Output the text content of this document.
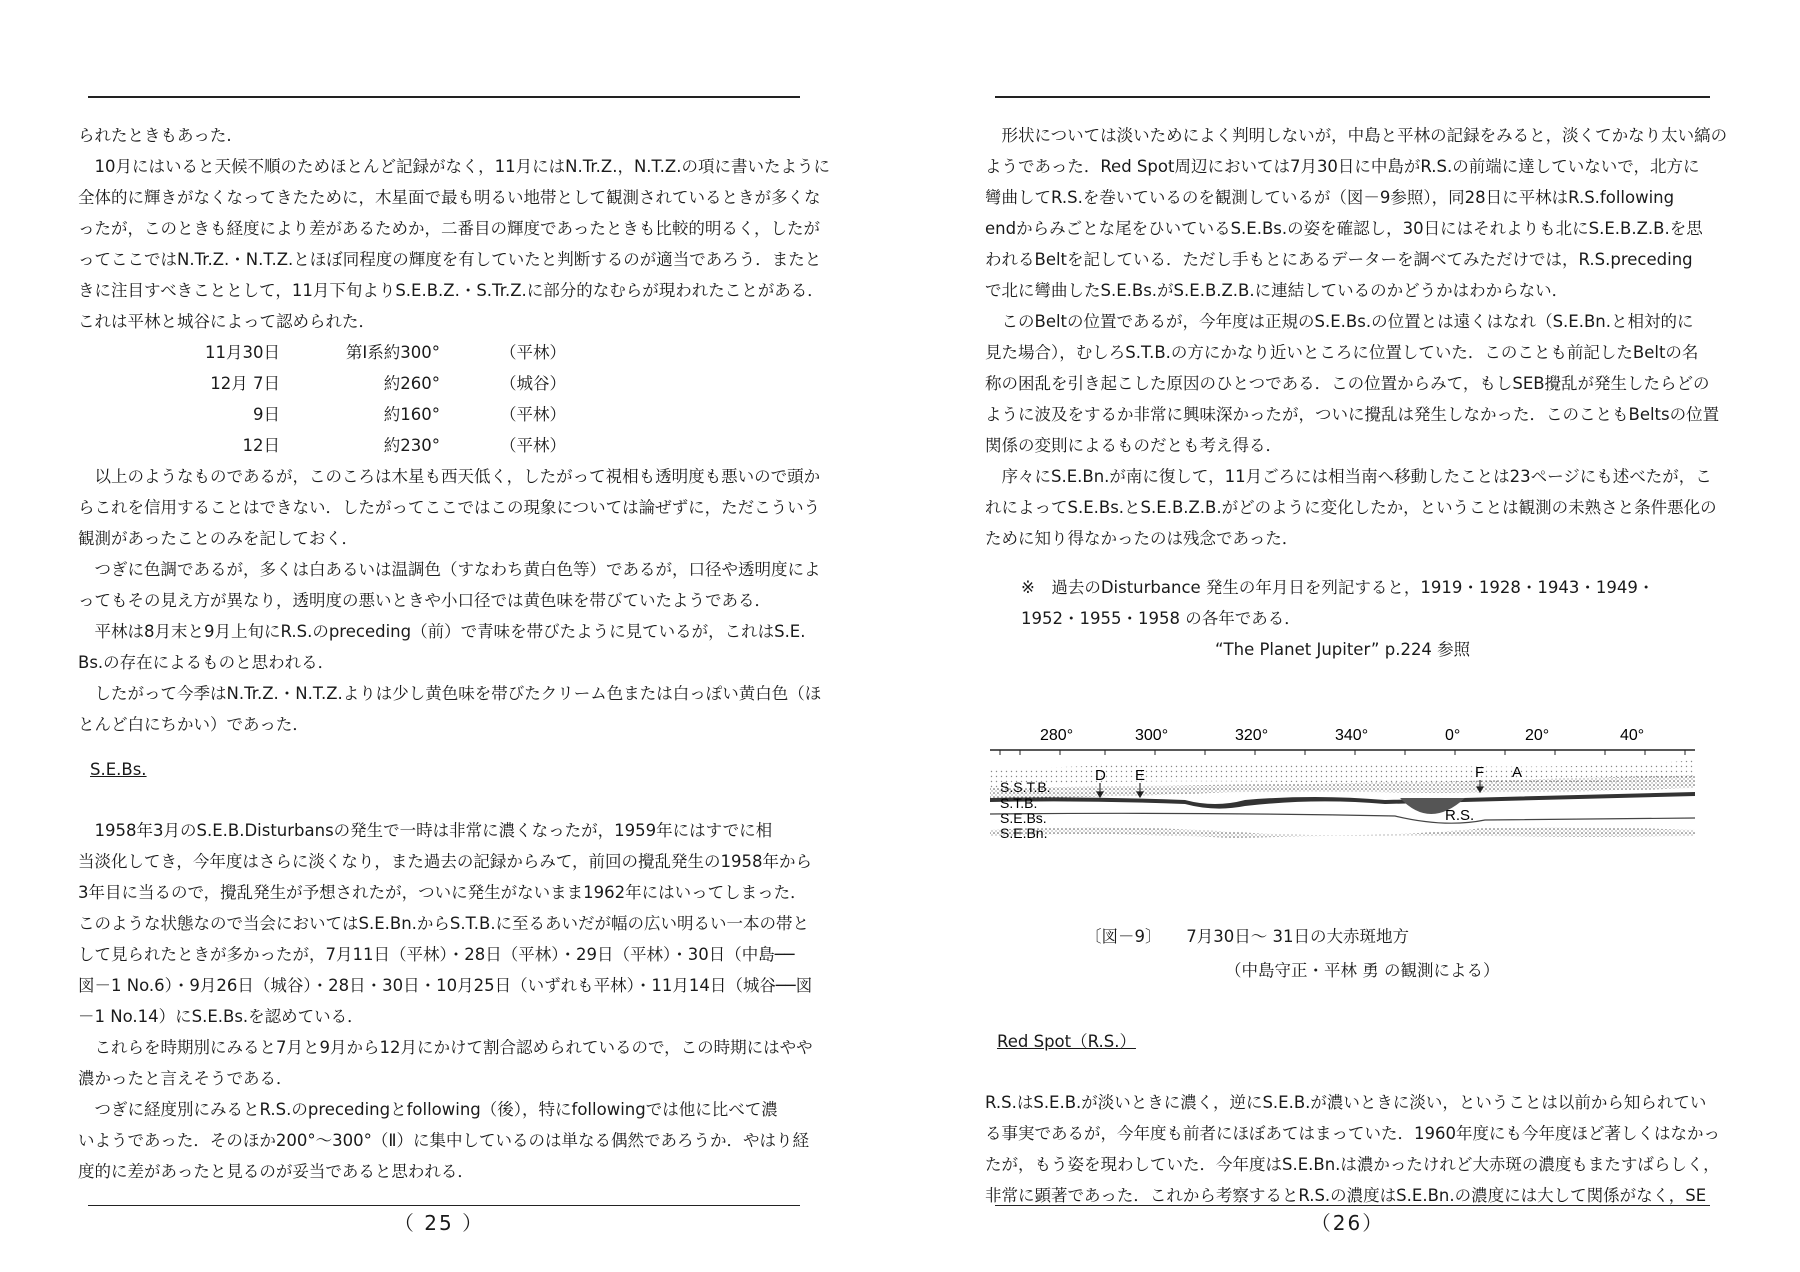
られたときもあった.

　10月にはいると天候不順のためほとんど記録がなく，11月にはN.Tr.Z.，N.T.Z.の項に書いたように

全体的に輝きがなくなってきたために，木星面で最も明るい地帯として観測されているときが多くな

ったが，このときも経度により差があるためか，二番目の輝度であったときも比較的明るく，したが

ってここではN.Tr.Z.・N.T.Z.とほぼ同程度の輝度を有していたと判断するのが適当であろう．またと

きに注目すべきこととして，11月下旬よりS.E.B.Z.・S.Tr.Z.に部分的なむらが現われたことがある．

これは平林と城谷によって認められた．

11月30日	第Ⅰ系約300°	（平林）
12月 7日	約260°	（城谷）
9日	約160°	（平林）
12日	約230°	（平林）

　以上のようなものであるが，このころは木星も西天低く，したがって視相も透明度も悪いので頭か

らこれを信用することはできない．したがってここではこの現象については論ぜずに，ただこういう

観測があったことのみを記しておく．

　つぎに色調であるが，多くは白あるいは温調色（すなわち黄白色等）であるが，口径や透明度によ

ってもその見え方が異なり，透明度の悪いときや小口径では黄色味を帯びていたようである．

　平林は8月末と9月上旬にR.S.のpreceding（前）で青味を帯びたように見ているが，これはS.E.

Bs.の存在によるものと思われる．

　したがって今季はN.Tr.Z.・N.T.Z.よりは少し黄色味を帯びたクリーム色または白っぽい黄白色（ほ

とんど白にちかい）であった．

S.E.Bs.

　1958年3月のS.E.B.Disturbansの発生で一時は非常に濃くなったが，1959年にはすでに相

当淡化してき，今年度はさらに淡くなり，また過去の記録からみて，前回の攪乱発生の1958年から

3年目に当るので，攪乱発生が予想されたが，ついに発生がないまま1962年にはいってしまった．

このような状態なので当会においてはS.E.Bn.からS.T.B.に至るあいだが幅の広い明るい一本の帯と

して見られたときが多かったが，7月11日（平林）・28日（平林）・29日（平林）・30日（中島──

図－1 No.6）・9月26日（城谷）・28日・30日・10月25日（いずれも平林）・11月14日（城谷──図

－1 No.14）にS.E.Bs.を認めている．

　これらを時期別にみると7月と9月から12月にかけて割合認められているので，この時期にはやや

濃かったと言えそうである．

　つぎに経度別にみるとR.S.のprecedingとfollowing（後），特にfollowingでは他に比べて濃

いようであった．そのほか200°～300°（Ⅱ）に集中しているのは単なる偶然であろうか．やはり経

度的に差があったと見るのが妥当であると思われる．

（ 25 ）

　形状については淡いためによく判明しないが，中島と平林の記録をみると，淡くてかなり太い縞の

ようであった．Red Spot周辺においては7月30日に中島がR.S.の前端に達していないで，北方に

彎曲してR.S.を巻いているのを観測しているが（図－9参照），同28日に平林はR.S.following

endからみごとな尾をひいているS.E.Bs.の姿を確認し，30日にはそれよりも北にS.E.B.Z.B.を思

われるBeltを記している．ただし手もとにあるデーターを調べてみただけでは，R.S.preceding

で北に彎曲したS.E.Bs.がS.E.B.Z.B.に連結しているのかどうかはわからない．

　このBeltの位置であるが，今年度は正規のS.E.Bs.の位置とは遠くはなれ（S.E.Bn.と相対的に

見た場合），むしろS.T.B.の方にかなり近いところに位置していた．このことも前記したBeltの名

称の困乱を引き起こした原因のひとつである．この位置からみて，もしSEB攪乱が発生したらどの

ように波及をするか非常に興味深かったが，ついに攪乱は発生しなかった．このこともBeltsの位置

関係の変則によるものだとも考え得る．

　序々にS.E.Bn.が南に復して，11月ごろには相当南へ移動したことは23ページにも述べたが，こ

れによってS.E.Bs.とS.E.B.Z.B.がどのように変化したか，ということは観測の未熟さと条件悪化の

ために知り得なかったのは残念であった．

※　 過去のDisturbance 発生の年月日を列記すると，1919・1928・1943・1949・1952・1955・1958 の各年である．

“The Planet Jupiter” p.224 参照

280°	300°	320°	340°	0°	20°	40°
S.S.T.B.
S.T.B.
S.E.Bs.
S.E.Bn.
D E	F A
R.S.
〔図－9〕　　7月30日～ 31日の大赤斑地方
（中島守正・平林 勇 の観測による）

Red Spot（R.S.）

R.S.はS.E.B.が淡いときに濃く，逆にS.E.B.が濃いときに淡い，ということは以前から知られてい

る事実であるが，今年度も前者にほぼあてはまっていた．1960年度にも今年度ほど著しくはなかっ

たが，もう姿を現わしていた．今年度はS.E.Bn.は濃かったけれど大赤斑の濃度もまたすばらしく，

非常に顕著であった．これから考察するとR.S.の濃度はS.E.Bn.の濃度には大して関係がなく，SE

（26）
